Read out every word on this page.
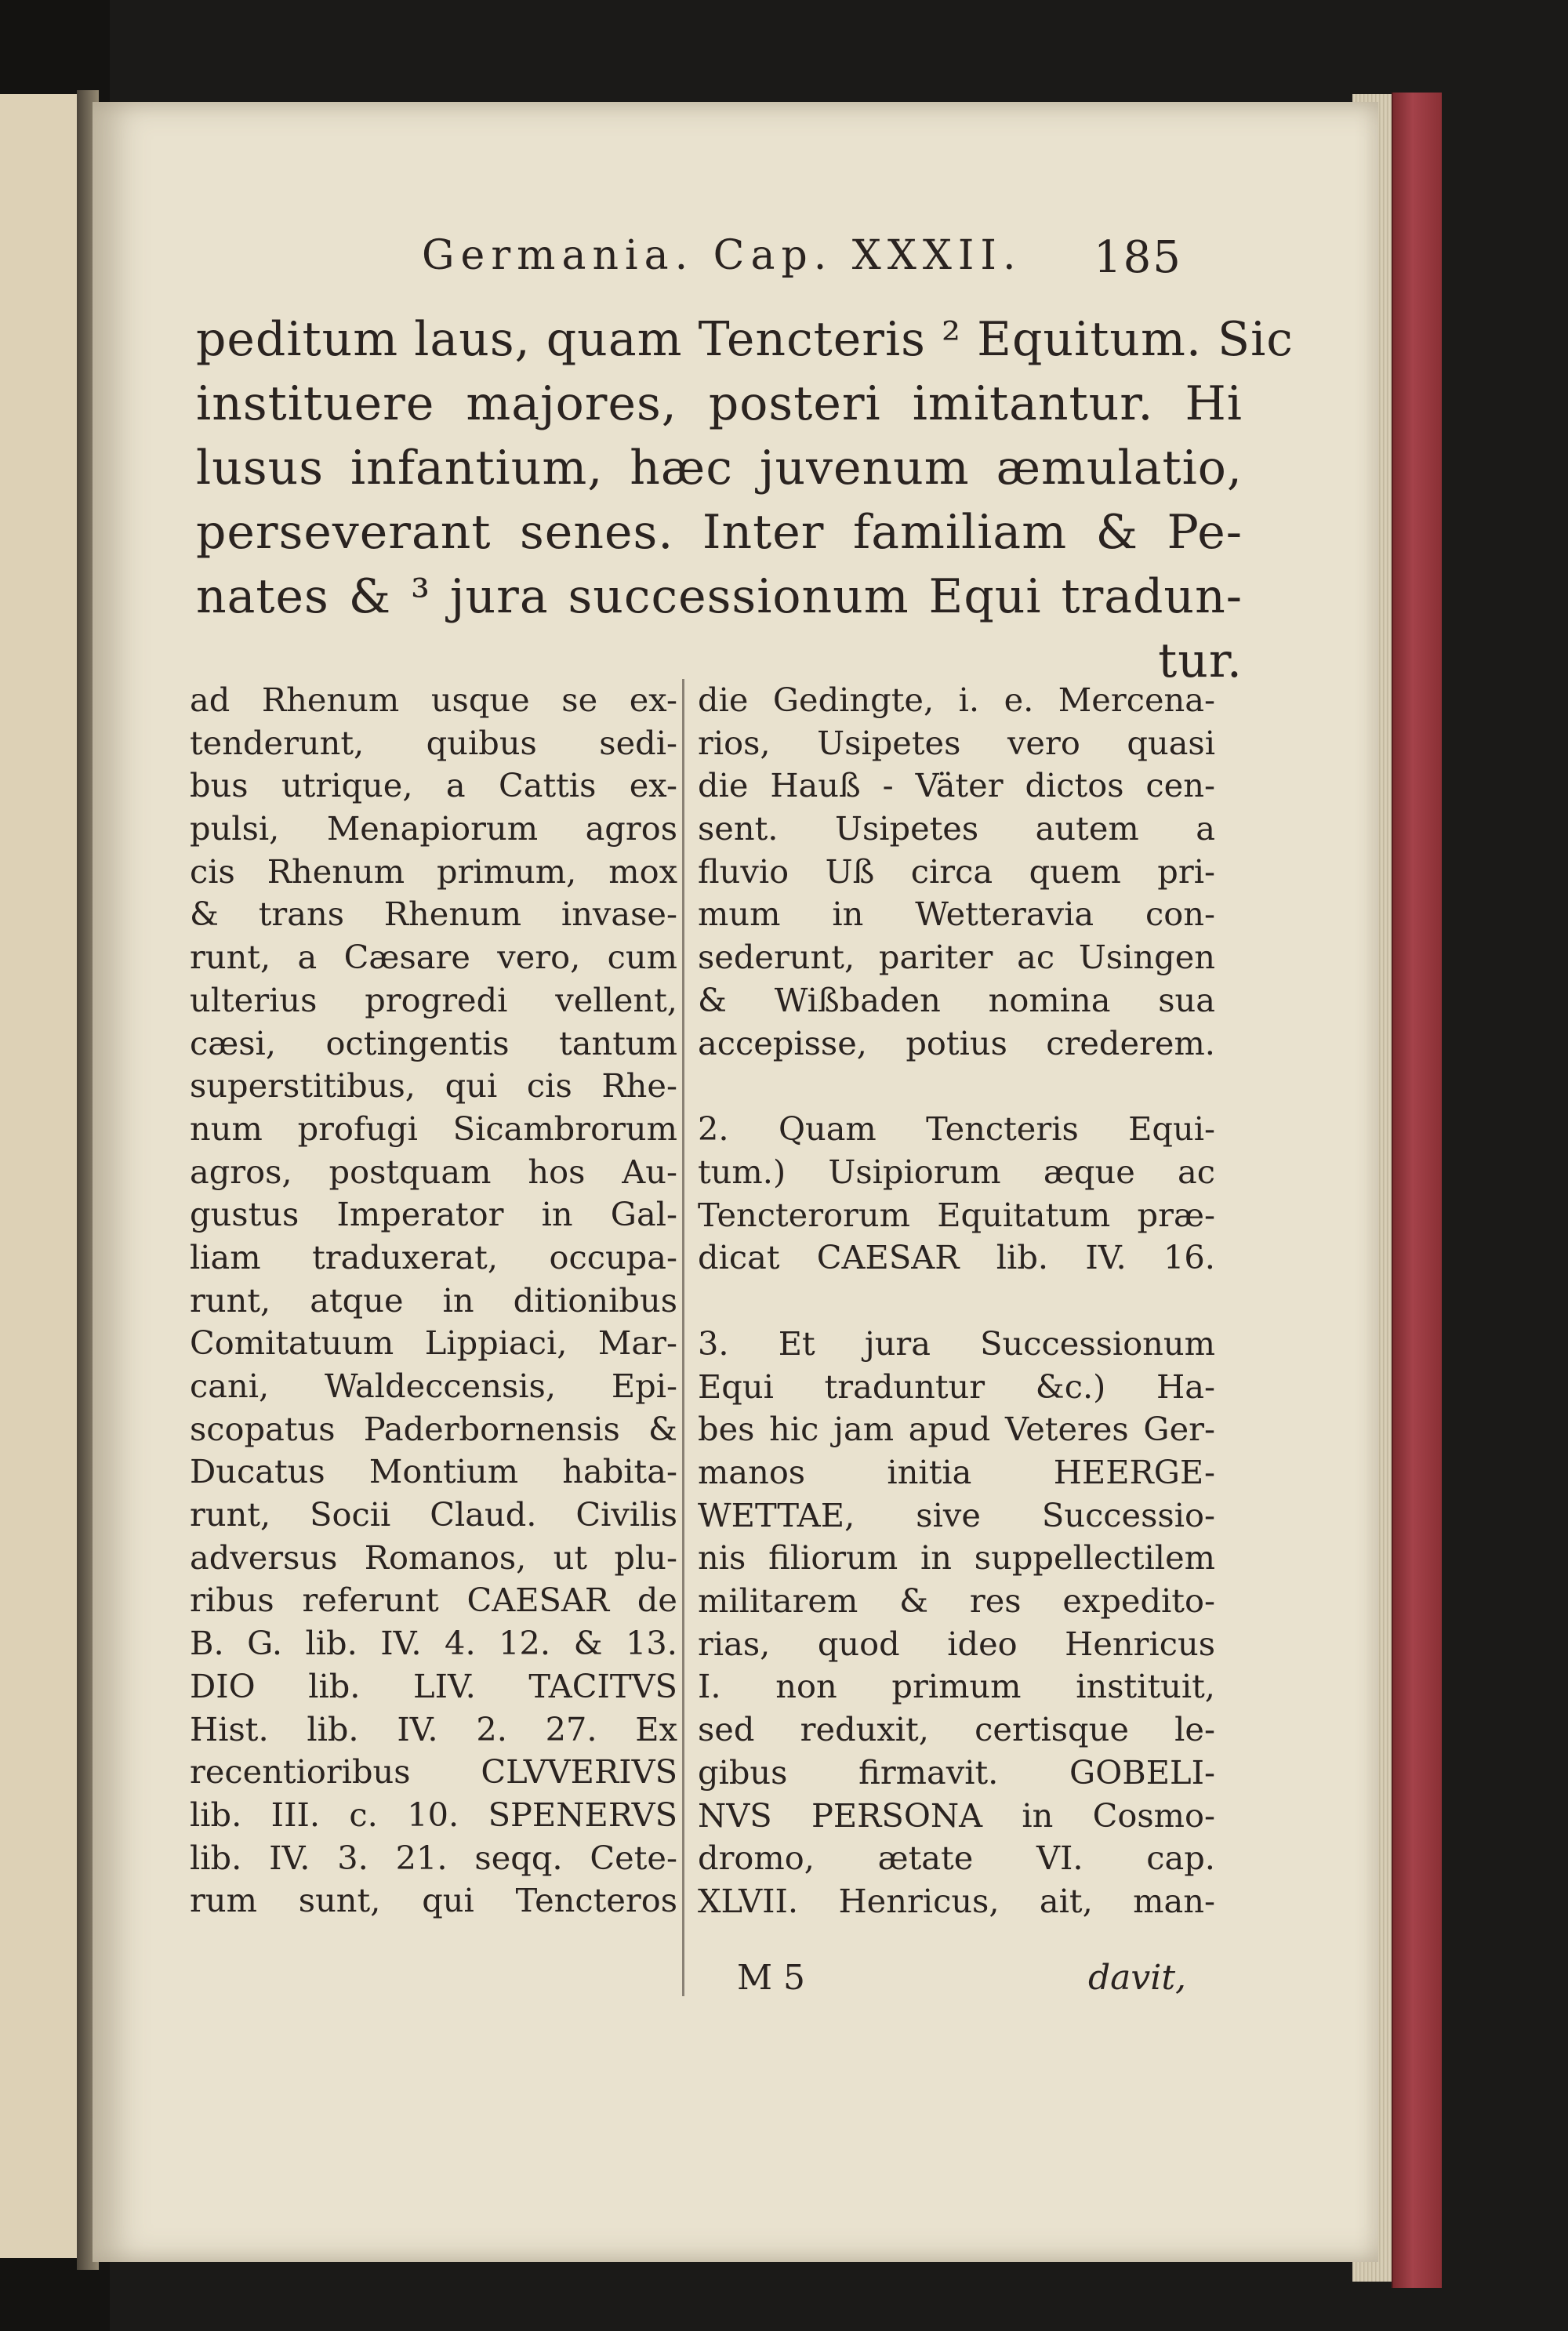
Germania. Cap. XXXII. 185
peditum laus, quam Tencteris ² Equitum. Sic
instituere majores, posteri imitantur. Hi
lusus infantium, hæc juvenum æmulatio,
perseverant senes. Inter familiam & Pe-
nates & ³ jura successionum Equi tradun-
tur.
ad Rhenum usque se ex-
tenderunt, quibus sedi-
bus utrique, a Cattis ex-
pulsi, Menapiorum agros
cis Rhenum primum, mox
& trans Rhenum invase-
runt, a Cæsare vero, cum
ulterius progredi vellent,
cæsi, octingentis tantum
superstitibus, qui cis Rhe-
num profugi Sicambrorum
agros, postquam hos Au-
gustus Imperator in Gal-
liam traduxerat, occupa-
runt, atque in ditionibus
Comitatuum Lippiaci, Mar-
cani, Waldeccensis, Epi-
scopatus Paderbornensis &
Ducatus Montium habita-
runt, Socii Claud. Civilis
adversus Romanos, ut plu-
ribus referunt CAESAR de
B. G. lib. IV. 4. 12. & 13.
DIO lib. LIV. TACITVS
Hist. lib. IV. 2. 27. Ex
recentioribus CLVVERIVS
lib. III. c. 10. SPENERVS
lib. IV. 3. 21. seqq. Cete-
rum sunt, qui Tencteros
die Gedingte, i. e. Mercena-
rios, Usipetes vero quasi
die Hauß - Väter dictos cen-
sent. Usipetes autem a
fluvio Uß circa quem pri-
mum in Wetteravia con-
sederunt, pariter ac Usingen
& Wißbaden nomina sua
accepisse, potius crederem.
2. Quam Tencteris Equi-
tum.) Usipiorum æque ac
Tencterorum Equitatum præ-
dicat CAESAR lib. IV. 16.
3. Et jura Successionum
Equi traduntur &c.) Ha-
bes hic jam apud Veteres Ger-
manos initia HEERGE-
WETTAE, sive Successio-
nis filiorum in suppellectilem
militarem & res expedito-
rias, quod ideo Henricus
I. non primum instituit,
sed reduxit, certisque le-
gibus firmavit. GOBELI-
NVS PERSONA in Cosmo-
dromo, ætate VI. cap.
XLVII. Henricus, ait, man-
M 5	davit,
